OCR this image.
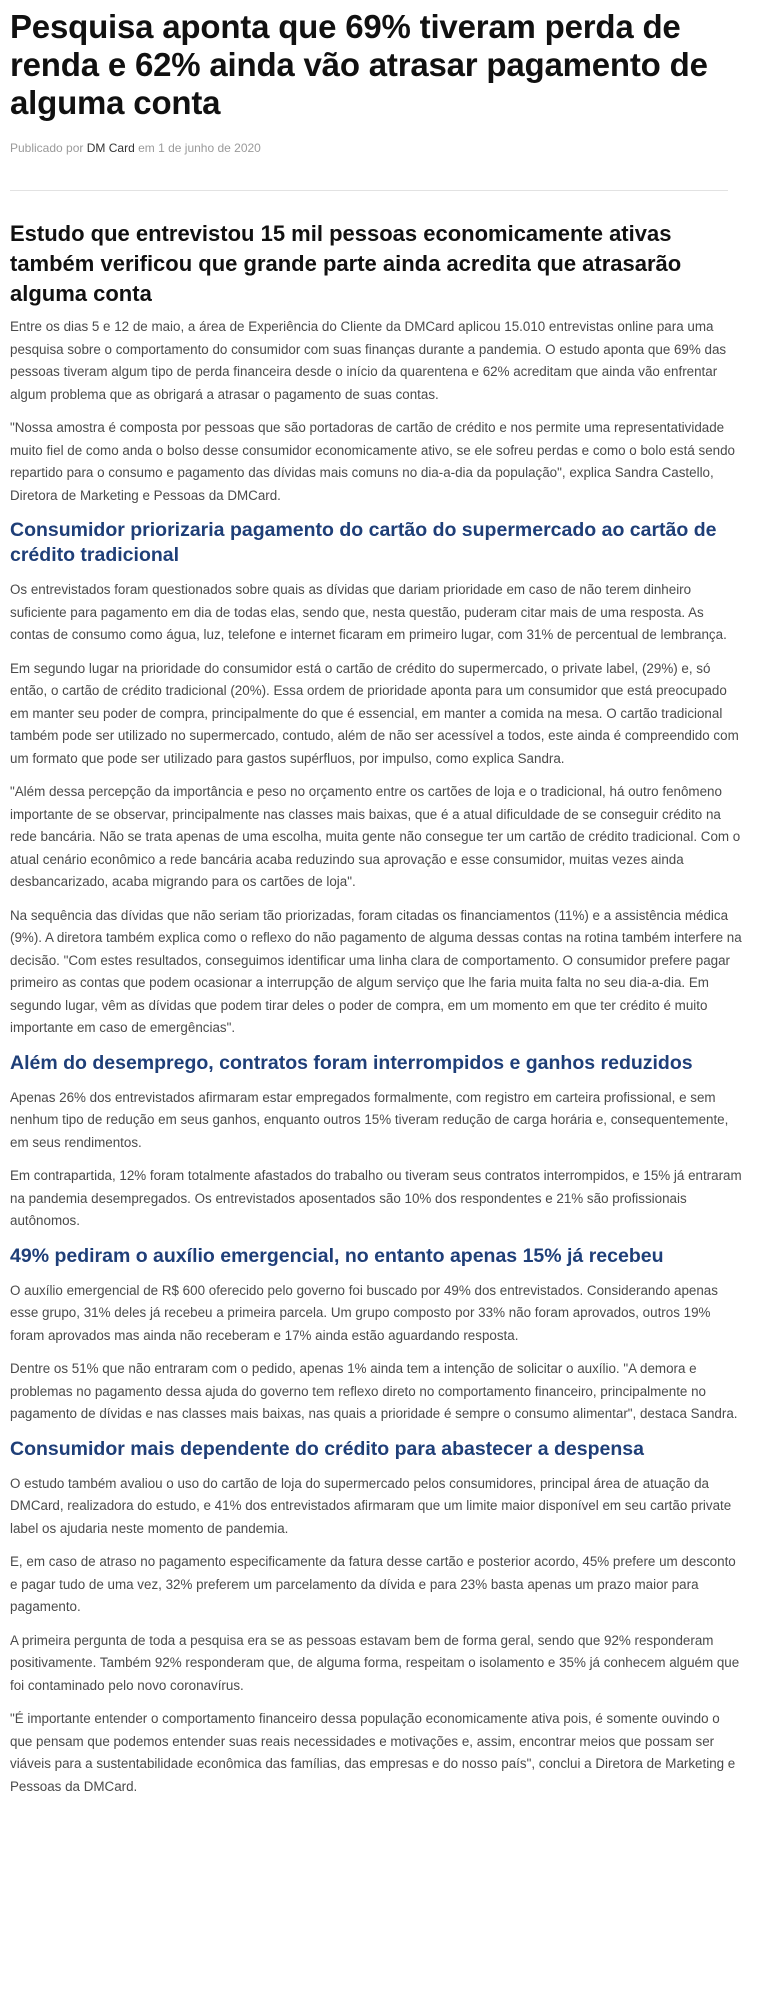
Pesquisa aponta que 69% tiveram perda de renda e 62% ainda vão atrasar pagamento de alguma conta
Publicado por DM Card em 1 de junho de 2020
Estudo que entrevistou 15 mil pessoas economicamente ativas também verificou que grande parte ainda acredita que atrasarão alguma conta

Entre os dias 5 e 12 de maio, a área de Experiência do Cliente da DMCard aplicou 15.010 entrevistas online para uma pesquisa sobre o comportamento do consumidor com suas finanças durante a pandemia. O estudo aponta que 69% das pessoas tiveram algum tipo de perda financeira desde o início da quarentena e 62% acreditam que ainda vão enfrentar algum problema que as obrigará a atrasar o pagamento de suas contas.

"Nossa amostra é composta por pessoas que são portadoras de cartão de crédito e nos permite uma representatividade muito fiel de como anda o bolso desse consumidor economicamente ativo, se ele sofreu perdas e como o bolo está sendo repartido para o consumo e pagamento das dívidas mais comuns no dia-a-dia da população", explica Sandra Castello, Diretora de Marketing e Pessoas da DMCard.

Consumidor priorizaria pagamento do cartão do supermercado ao cartão de crédito tradicional

Os entrevistados foram questionados sobre quais as dívidas que dariam prioridade em caso de não terem dinheiro suficiente para pagamento em dia de todas elas, sendo que, nesta questão, puderam citar mais de uma resposta. As contas de consumo como água, luz, telefone e internet ficaram em primeiro lugar, com 31% de percentual de lembrança.

Em segundo lugar na prioridade do consumidor está o cartão de crédito do supermercado, o private label, (29%) e, só então, o cartão de crédito tradicional (20%). Essa ordem de prioridade aponta para um consumidor que está preocupado em manter seu poder de compra, principalmente do que é essencial, em manter a comida na mesa. O cartão tradicional também pode ser utilizado no supermercado, contudo, além de não ser acessível a todos, este ainda é compreendido com um formato que pode ser utilizado para gastos supérfluos, por impulso, como explica Sandra.

"Além dessa percepção da importância e peso no orçamento entre os cartões de loja e o tradicional, há outro fenômeno importante de se observar, principalmente nas classes mais baixas, que é a atual dificuldade de se conseguir crédito na rede bancária. Não se trata apenas de uma escolha, muita gente não consegue ter um cartão de crédito tradicional. Com o atual cenário econômico a rede bancária acaba reduzindo sua aprovação e esse consumidor, muitas vezes ainda desbancarizado, acaba migrando para os cartões de loja".

Na sequência das dívidas que não seriam tão priorizadas, foram citadas os financiamentos (11%) e a assistência médica (9%). A diretora também explica como o reflexo do não pagamento de alguma dessas contas na rotina também interfere na decisão. "Com estes resultados, conseguimos identificar uma linha clara de comportamento. O consumidor prefere pagar primeiro as contas que podem ocasionar a interrupção de algum serviço que lhe faria muita falta no seu dia-a-dia. Em segundo lugar, vêm as dívidas que podem tirar deles o poder de compra, em um momento em que ter crédito é muito importante em caso de emergências".

Além do desemprego, contratos foram interrompidos e ganhos reduzidos

Apenas 26% dos entrevistados afirmaram estar empregados formalmente, com registro em carteira profissional, e sem nenhum tipo de redução em seus ganhos, enquanto outros 15% tiveram redução de carga horária e, consequentemente, em seus rendimentos.

Em contrapartida, 12% foram totalmente afastados do trabalho ou tiveram seus contratos interrompidos, e 15% já entraram na pandemia desempregados. Os entrevistados aposentados são 10% dos respondentes e 21% são profissionais autônomos.

49% pediram o auxílio emergencial, no entanto apenas 15% já recebeu

O auxílio emergencial de R$ 600 oferecido pelo governo foi buscado por 49% dos entrevistados. Considerando apenas esse grupo, 31% deles já recebeu a primeira parcela. Um grupo composto por 33% não foram aprovados, outros 19% foram aprovados mas ainda não receberam e 17% ainda estão aguardando resposta.

Dentre os 51% que não entraram com o pedido, apenas 1% ainda tem a intenção de solicitar o auxílio. "A demora e problemas no pagamento dessa ajuda do governo tem reflexo direto no comportamento financeiro, principalmente no pagamento de dívidas e nas classes mais baixas, nas quais a prioridade é sempre o consumo alimentar", destaca Sandra.

Consumidor mais dependente do crédito para abastecer a despensa

O estudo também avaliou o uso do cartão de loja do supermercado pelos consumidores, principal área de atuação da DMCard, realizadora do estudo, e 41% dos entrevistados afirmaram que um limite maior disponível em seu cartão private label os ajudaria neste momento de pandemia.

E, em caso de atraso no pagamento especificamente da fatura desse cartão e posterior acordo, 45% prefere um desconto e pagar tudo de uma vez, 32% preferem um parcelamento da dívida e para 23% basta apenas um prazo maior para pagamento.

A primeira pergunta de toda a pesquisa era se as pessoas estavam bem de forma geral, sendo que 92% responderam positivamente. Também 92% responderam que, de alguma forma, respeitam o isolamento e 35% já conhecem alguém que foi contaminado pelo novo coronavírus.

"É importante entender o comportamento financeiro dessa população economicamente ativa pois, é somente ouvindo o que pensam que podemos entender suas reais necessidades e motivações e, assim, encontrar meios que possam ser viáveis para a sustentabilidade econômica das famílias, das empresas e do nosso país", conclui a Diretora de Marketing e Pessoas da DMCard.
